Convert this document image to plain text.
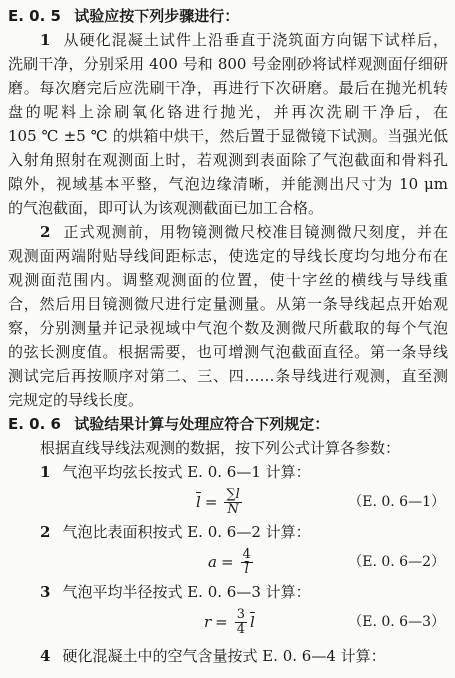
E. 0. 5 试验应按下列步骤进行：
1 从硬化混凝土试件上沿垂直于浇筑面方向锯下试样后，
洗刷干净，分别采用 400 号和 800 号金刚砂将试样观测面仔细研
磨。每次磨完后应洗刷干净，再进行下次研磨。最后在抛光机转
盘的呢料上涂刷氧化铬进行抛光，并再次洗刷干净后，在
105 ℃ ±5 ℃ 的烘箱中烘干，然后置于显微镜下试测。当强光低
入射角照射在观测面上时，若观测到表面除了气泡截面和骨料孔
隙外，视域基本平整，气泡边缘清晰，并能测出尺寸为 10 μm
的气泡截面，即可认为该观测截面已加工合格。
2 正式观测前，用物镜测微尺校准目镜测微尺刻度，并在
观测面两端附贴导线间距标志，使选定的导线长度均匀地分布在
观测面范围内。调整观测面的位置，使十字丝的横线与导线重
合，然后用目镜测微尺进行定量测量。从第一条导线起点开始观
察，分别测量并记录视域中气泡个数及测微尺所截取的每个气泡
的弦长测度值。根据需要，也可增测气泡截面直径。第一条导线
测试完后再按顺序对第二、三、四……条导线进行观测，直至测
完规定的导线长度。
E. 0. 6 试验结果计算与处理应符合下列规定：
根据直线导线法观测的数据，按下列公式计算各参数：
1 气泡平均弦长按式 E. 0. 6—1 计算：
$\overline{l} = \frac{\sum l}{N}$	（E. 0. 6—1）
2 气泡比表面积按式 E. 0. 6—2 计算：
$a = \frac{4}{l}$	（E. 0. 6—2）
3 气泡平均半径按式 E. 0. 6—3 计算：
$r = \frac{3}{4} \overline{l}$	（E. 0. 6—3）
4 硬化混凝土中的空气含量按式 E. 0. 6—4 计算：
